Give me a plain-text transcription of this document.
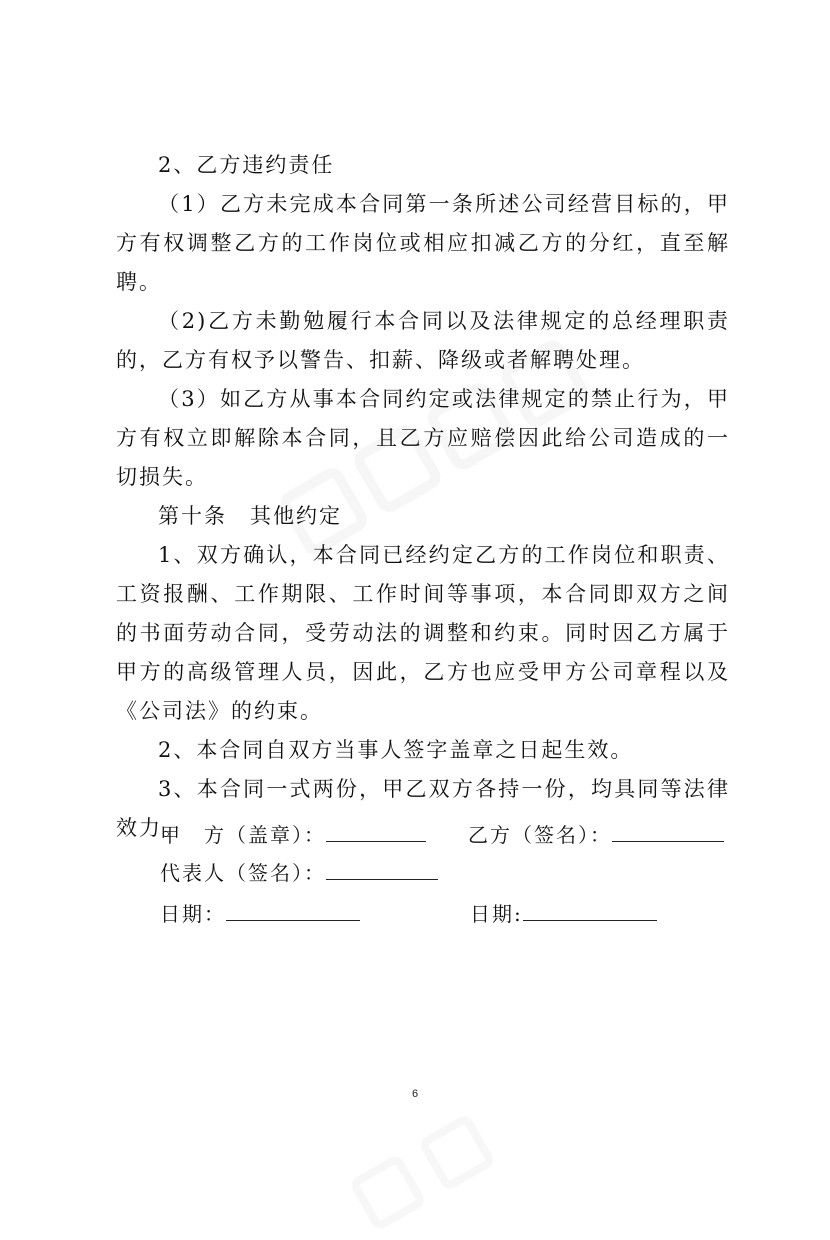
2、乙方违约责任

（1）乙方未完成本合同第一条所述公司经营目标的，甲方有权调整乙方的工作岗位或相应扣减乙方的分红，直至解聘。

（2)乙方未勤勉履行本合同以及法律规定的总经理职责的，乙方有权予以警告、扣薪、降级或者解聘处理。

（3）如乙方从事本合同约定或法律规定的禁止行为，甲方有权立即解除本合同，且乙方应赔偿因此给公司造成的一切损失。

第十条　其他约定

1、双方确认，本合同已经约定乙方的工作岗位和职责、工资报酬、工作期限、工作时间等事项，本合同即双方之间的书面劳动合同，受劳动法的调整和约束。同时因乙方属于甲方的高级管理人员，因此，乙方也应受甲方公司章程以及《公司法》的约束。

2、本合同自双方当事人签字盖章之日起生效。

3、本合同一式两份，甲乙双方各持一份，均具同等法律效力。

甲　方（盖章）：	乙方（签名）：
代表人（签名）：
日期：	日期:
6
